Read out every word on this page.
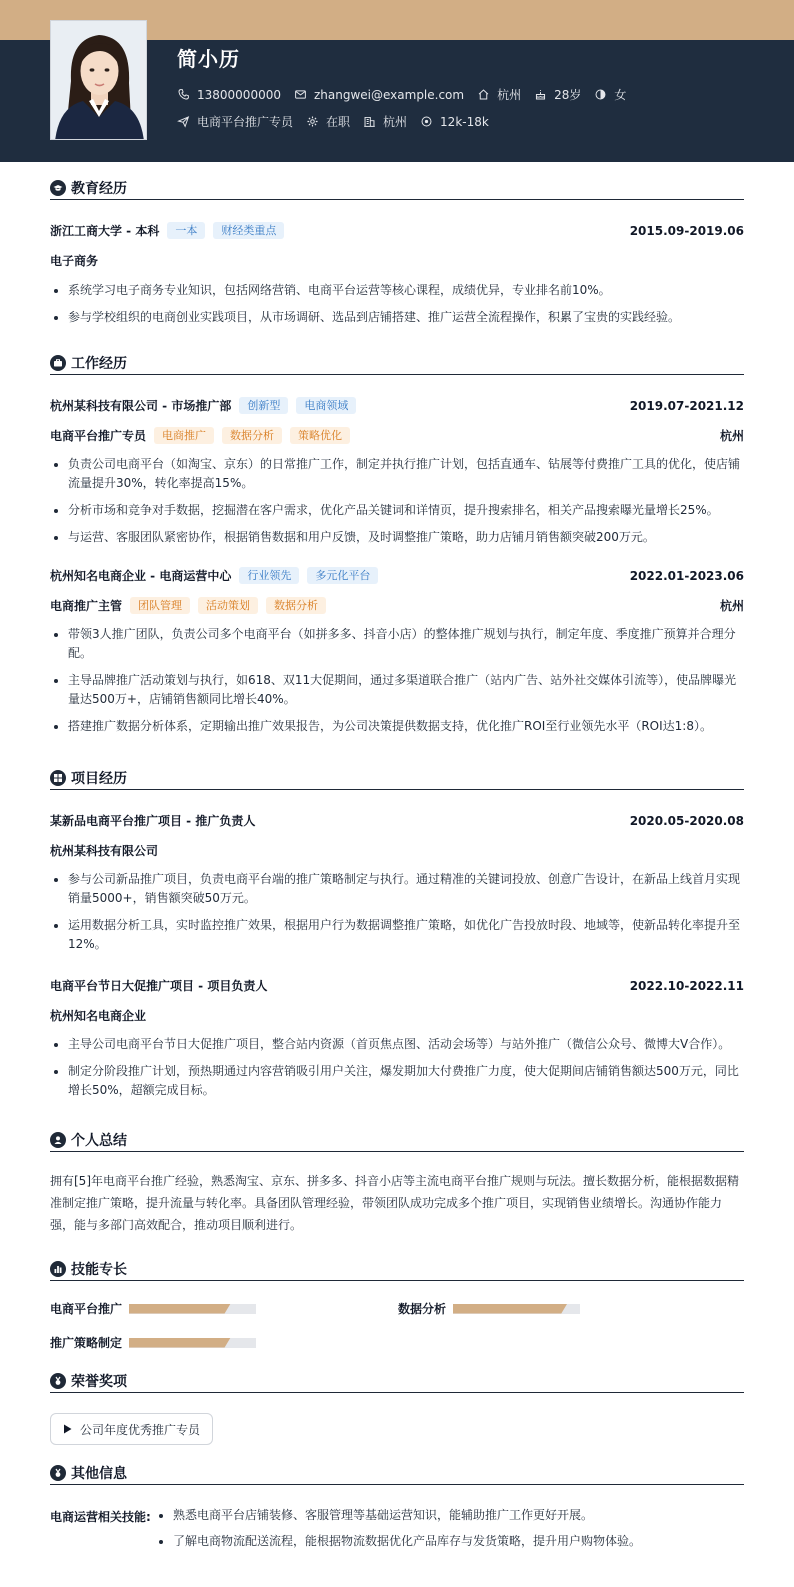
简小历
13800000000	zhangwei@example.com	杭州	28岁	女
电商平台推广专员	在职	杭州	12k-18k
教育经历
浙江工商大学 - 本科	一本	财经类重点	2015.09-2019.06
电子商务
系统学习电子商务专业知识，包括网络营销、电商平台运营等核心课程，成绩优异，专业排名前10%。
参与学校组织的电商创业实践项目，从市场调研、选品到店铺搭建、推广运营全流程操作，积累了宝贵的实践经验。
工作经历
杭州某科技有限公司 - 市场推广部	创新型	电商领域	2019.07-2021.12
电商平台推广专员	电商推广	数据分析	策略优化	杭州
负责公司电商平台（如淘宝、京东）的日常推广工作，制定并执行推广计划，包括直通车、钻展等付费推广工具的优化，使店铺流量提升30%，转化率提高15%。
分析市场和竞争对手数据，挖掘潜在客户需求，优化产品关键词和详情页，提升搜索排名，相关产品搜索曝光量增长25%。
与运营、客服团队紧密协作，根据销售数据和用户反馈，及时调整推广策略，助力店铺月销售额突破200万元。
杭州知名电商企业 - 电商运营中心	行业领先	多元化平台	2022.01-2023.06
电商推广主管	团队管理	活动策划	数据分析	杭州
带领3人推广团队，负责公司多个电商平台（如拼多多、抖音小店）的整体推广规划与执行，制定年度、季度推广预算并合理分配。
主导品牌推广活动策划与执行，如618、双11大促期间，通过多渠道联合推广（站内广告、站外社交媒体引流等），使品牌曝光量达500万+，店铺销售额同比增长40%。
搭建推广数据分析体系，定期输出推广效果报告，为公司决策提供数据支持，优化推广ROI至行业领先水平（ROI达1:8）。
项目经历
某新品电商平台推广项目 - 推广负责人	2020.05-2020.08
杭州某科技有限公司
参与公司新品推广项目，负责电商平台端的推广策略制定与执行。通过精准的关键词投放、创意广告设计，在新品上线首月实现销量5000+，销售额突破50万元。
运用数据分析工具，实时监控推广效果，根据用户行为数据调整推广策略，如优化广告投放时段、地域等，使新品转化率提升至12%。
电商平台节日大促推广项目 - 项目负责人	2022.10-2022.11
杭州知名电商企业
主导公司电商平台节日大促推广项目，整合站内资源（首页焦点图、活动会场等）与站外推广（微信公众号、微博大V合作）。
制定分阶段推广计划，预热期通过内容营销吸引用户关注，爆发期加大付费推广力度，使大促期间店铺销售额达500万元，同比增长50%，超额完成目标。
个人总结
拥有[5]年电商平台推广经验，熟悉淘宝、京东、拼多多、抖音小店等主流电商平台推广规则与玩法。擅长数据分析，能根据数据精准制定推广策略，提升流量与转化率。具备团队管理经验，带领团队成功完成多个推广项目，实现销售业绩增长。沟通协作能力强，能与多部门高效配合，推动项目顺利进行。
技能专长
电商平台推广	数据分析
推广策略制定
荣誉奖项
公司年度优秀推广专员
其他信息
电商运营相关技能:	熟悉电商平台店铺装修、客服管理等基础运营知识，能辅助推广工作更好开展。
了解电商物流配送流程，能根据物流数据优化产品库存与发货策略，提升用户购物体验。
